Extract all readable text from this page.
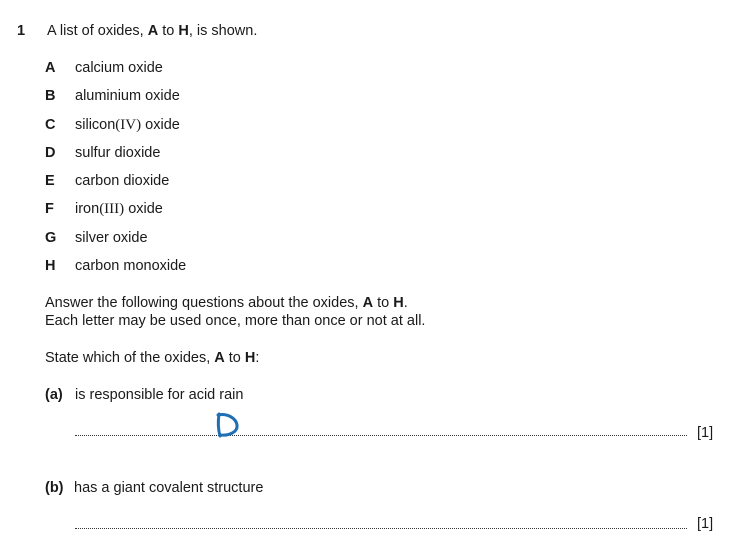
1 A list of oxides, A to H, is shown.
A	calcium oxide
B	aluminium oxide
C	silicon(IV) oxide
D	sulfur dioxide
E	carbon dioxide
F	iron(III) oxide
G	silver oxide
H	carbon monoxide
Answer the following questions about the oxides, A to H.
Each letter may be used once, more than once or not at all.
State which of the oxides, A to H:
(a) is responsible for acid rain
[1]
(b) has a giant covalent structure
[1]
